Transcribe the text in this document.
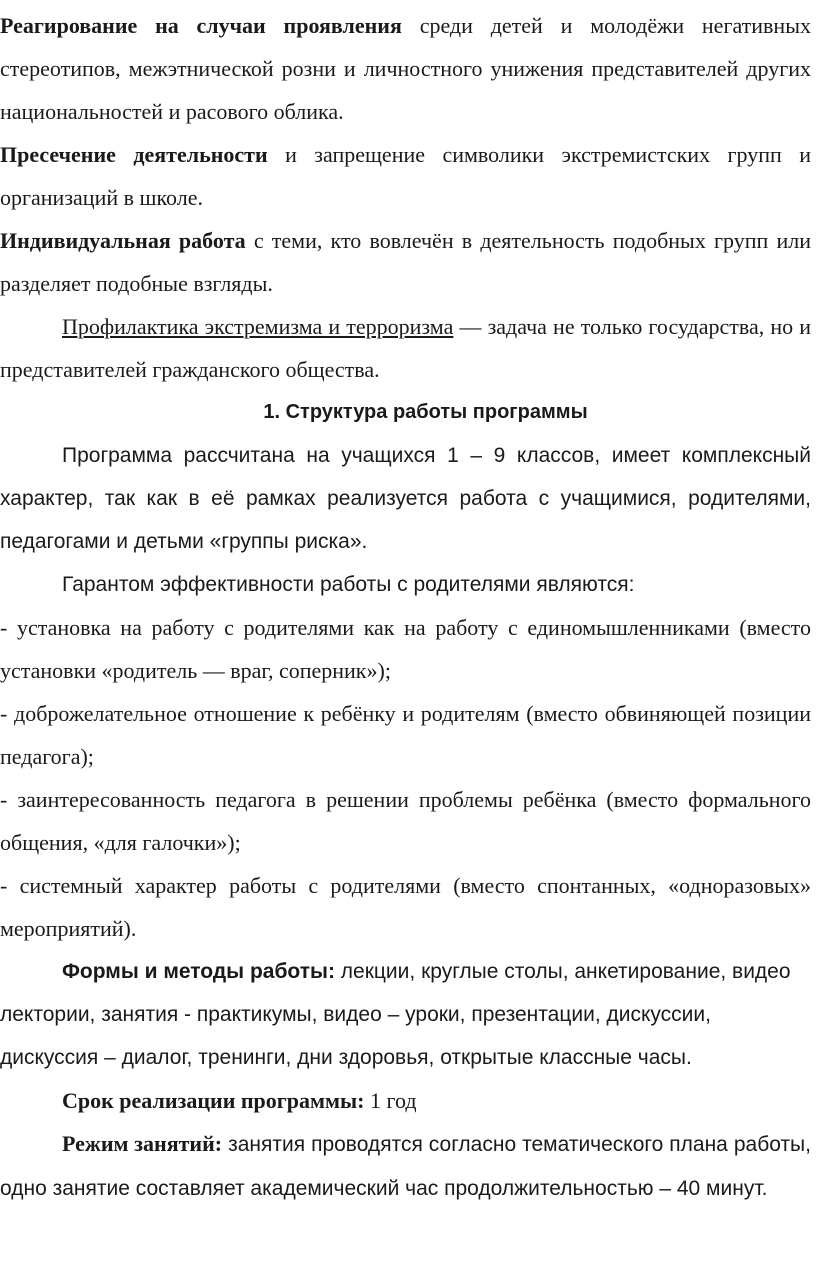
Реагирование на случаи проявления среди детей и молодёжи негативных стереотипов, межэтнической розни и личностного унижения представителей других национальностей и расового облика.

Пресечение деятельности и запрещение символики экстремистских групп и организаций в школе.

Индивидуальная работа с теми, кто вовлечён в деятельность подобных групп или разделяет подобные взгляды.

Профилактика экстремизма и терроризма — задача не только государства, но и представителей гражданского общества.

1. Структура работы программы

Программа рассчитана на учащихся 1 – 9 классов, имеет комплексный характер, так как в её рамках реализуется работа с учащимися, родителями, педагогами и детьми «группы риска».

Гарантом эффективности работы с родителями являются:

- установка на работу с родителями как на работу с единомышленниками (вместо установки «родитель — враг, соперник»);

- доброжелательное отношение к ребёнку и родителям (вместо обвиняющей позиции педагога);

- заинтересованность педагога в решении проблемы ребёнка (вместо формального общения, «для галочки»);

- системный характер работы с родителями (вместо спонтанных, «одноразовых» мероприятий).

Формы и методы работы: лекции, круглые столы, анкетирование, видео лектории, занятия - практикумы, видео – уроки, презентации, дискуссии, дискуссия – диалог, тренинги, дни здоровья, открытые классные часы.

Срок реализации программы: 1 год

Режим занятий: занятия проводятся согласно тематического плана работы, одно занятие составляет академический час продолжительностью – 40 минут.
